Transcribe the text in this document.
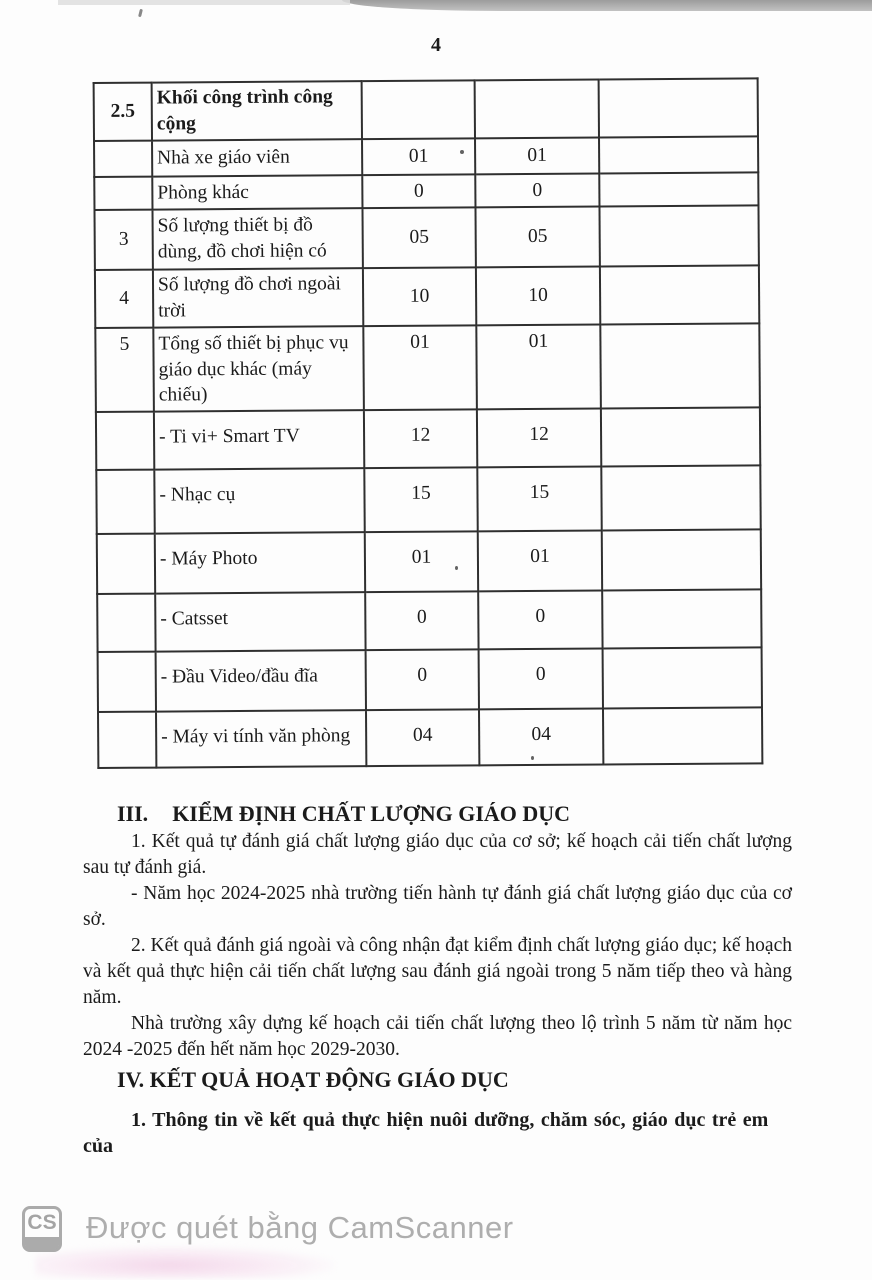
4
2.5	Khối công trình công cộng			
	Nhà xe giáo viên	01	01	
	Phòng khác	0	0	
3	Số lượng thiết bị đồ dùng, đồ chơi hiện có	05	05	
4	Số lượng đồ chơi ngoài trời	10	10	
5	Tổng số thiết bị phục vụ giáo dục khác (máy chiếu)	01	01	
	- Ti vi+ Smart TV	12	12	
	- Nhạc cụ	15	15	
	- Máy Photo	01	01	
	- Catsset	0	0	
	- Đầu Video/đầu đĩa	0	0	
	- Máy vi tính văn phòng	04	04	

III. KIỂM ĐỊNH CHẤT LƯỢNG GIÁO DỤC

1. Kết quả tự đánh giá chất lượng giáo dục của cơ sở; kế hoạch cải tiến chất lượng sau tự đánh giá.

- Năm học 2024-2025 nhà trường tiến hành tự đánh giá chất lượng giáo dục của cơ sở.

2. Kết quả đánh giá ngoài và công nhận đạt kiểm định chất lượng giáo dục; kế hoạch và kết quả thực hiện cải tiến chất lượng sau đánh giá ngoài trong 5 năm tiếp theo và hàng năm.

Nhà trường xây dựng kế hoạch cải tiến chất lượng theo lộ trình 5 năm từ năm học 2024 -2025 đến hết năm học 2029-2030.

IV. KẾT QUẢ HOẠT ĐỘNG GIÁO DỤC

1. Thông tin về kết quả thực hiện nuôi dưỡng, chăm sóc, giáo dục trẻ em của

CS Được quét bằng CamScanner
